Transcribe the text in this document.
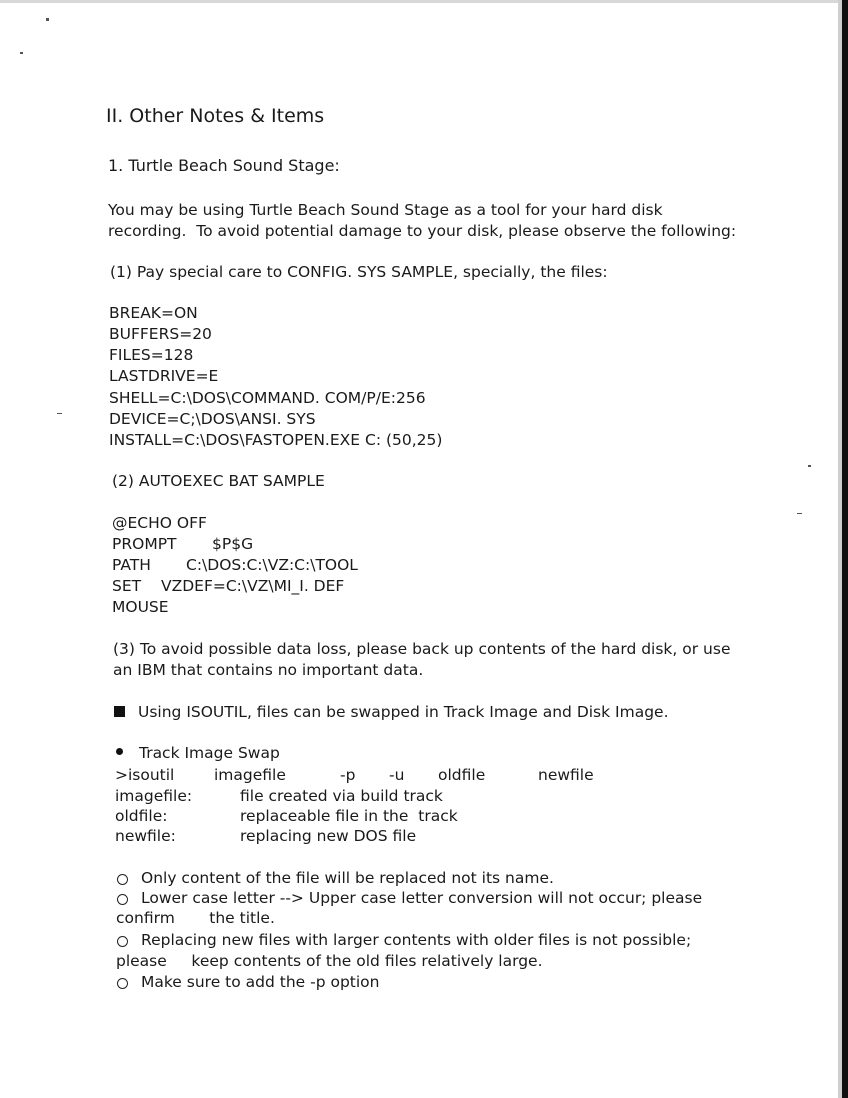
II. Other Notes & Items
1. Turtle Beach Sound Stage:
You may be using Turtle Beach Sound Stage as a tool for your hard disk
recording.  To avoid potential damage to your disk, please observe the following:
(1) Pay special care to CONFIG. SYS SAMPLE, specially, the files:
BREAK=ON
BUFFERS=20
FILES=128
LASTDRIVE=E
SHELL=C:\DOS\COMMAND. COM/P/E:256
DEVICE=C;\DOS\ANSI. SYS
INSTALL=C:\DOS\FASTOPEN.EXE C: (50,25)
(2) AUTOEXEC BAT SAMPLE
@ECHO OFF
PROMPT $P$G
PATH C:\DOS:C:\VZ:C:\TOOL
SET VZDEF=C:\VZ\MI_I. DEF
MOUSE
(3) To avoid possible data loss, please back up contents of the hard disk, or use
an IBM that contains no important data.
Using ISOUTIL, files can be swapped in Track Image and Disk Image.
Track Image Swap
>isoutil	imagefile	-p -u oldfile	newfile
imagefile:	file created via build track
oldfile:	replaceable file in the  track
newfile:	replacing new DOS file
Only content of the file will be replaced not its name.
Lower case letter --> Upper case letter conversion will not occur; please
confirm       the title.
Replacing new files with larger contents with older files is not possible;
please     keep contents of the old files relatively large.
Make sure to add the -p option
